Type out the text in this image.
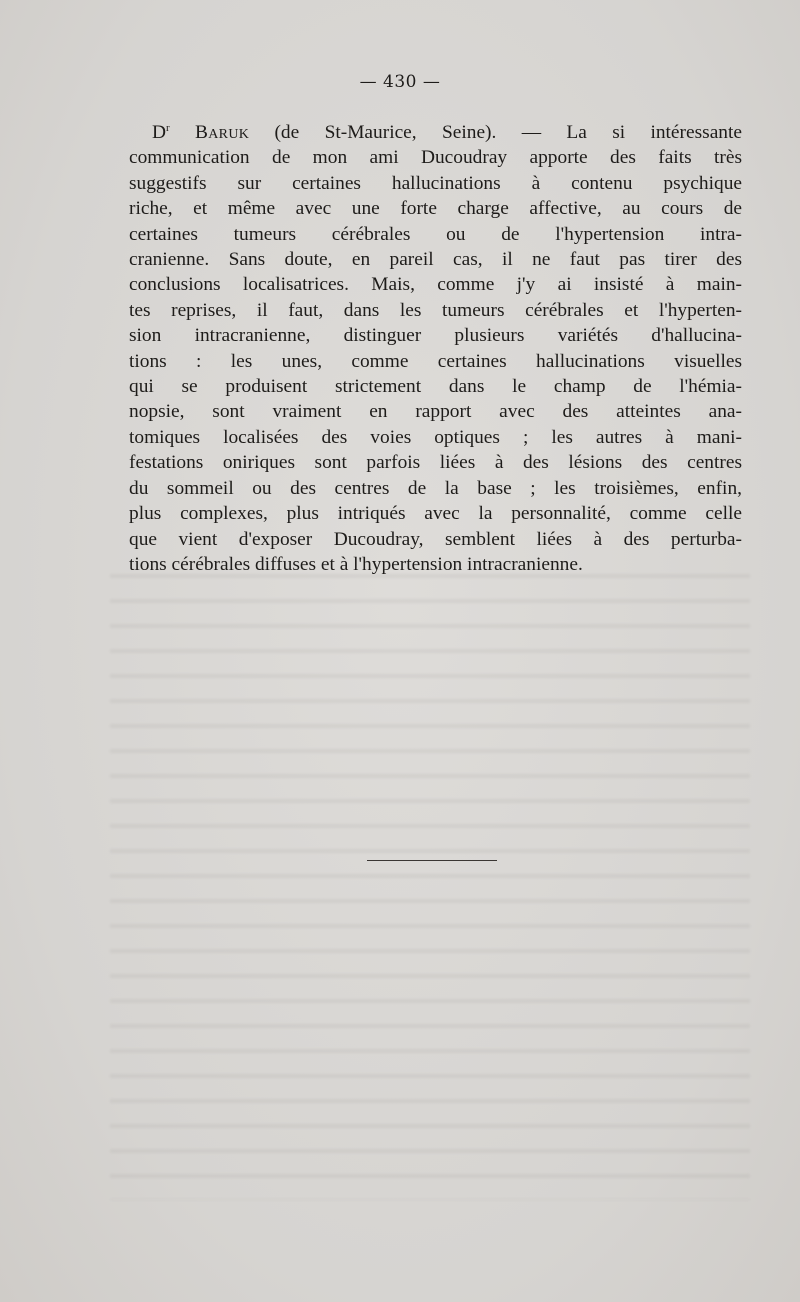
— 430 —
$D^r$ Baruk (de St-Maurice, Seine). — La si intéressante
communication de mon ami Ducoudray apporte des faits très
suggestifs sur certaines hallucinations à contenu psychique
riche, et même avec une forte charge affective, au cours de
certaines tumeurs cérébrales ou de l'hypertension intra-
cranienne. Sans doute, en pareil cas, il ne faut pas tirer des
conclusions localisatrices. Mais, comme j'y ai insisté à main-
tes reprises, il faut, dans les tumeurs cérébrales et l'hyperten-
sion intracranienne, distinguer plusieurs variétés d'hallucina-
tions : les unes, comme certaines hallucinations visuelles
qui se produisent strictement dans le champ de l'hémia-
nopsie, sont vraiment en rapport avec des atteintes ana-
tomiques localisées des voies optiques ; les autres à mani-
festations oniriques sont parfois liées à des lésions des centres
du sommeil ou des centres de la base ; les troisièmes, enfin,
plus complexes, plus intriqués avec la personnalité, comme celle
que vient d'exposer Ducoudray, semblent liées à des perturba-
tions cérébrales diffuses et à l'hypertension intracranienne.
